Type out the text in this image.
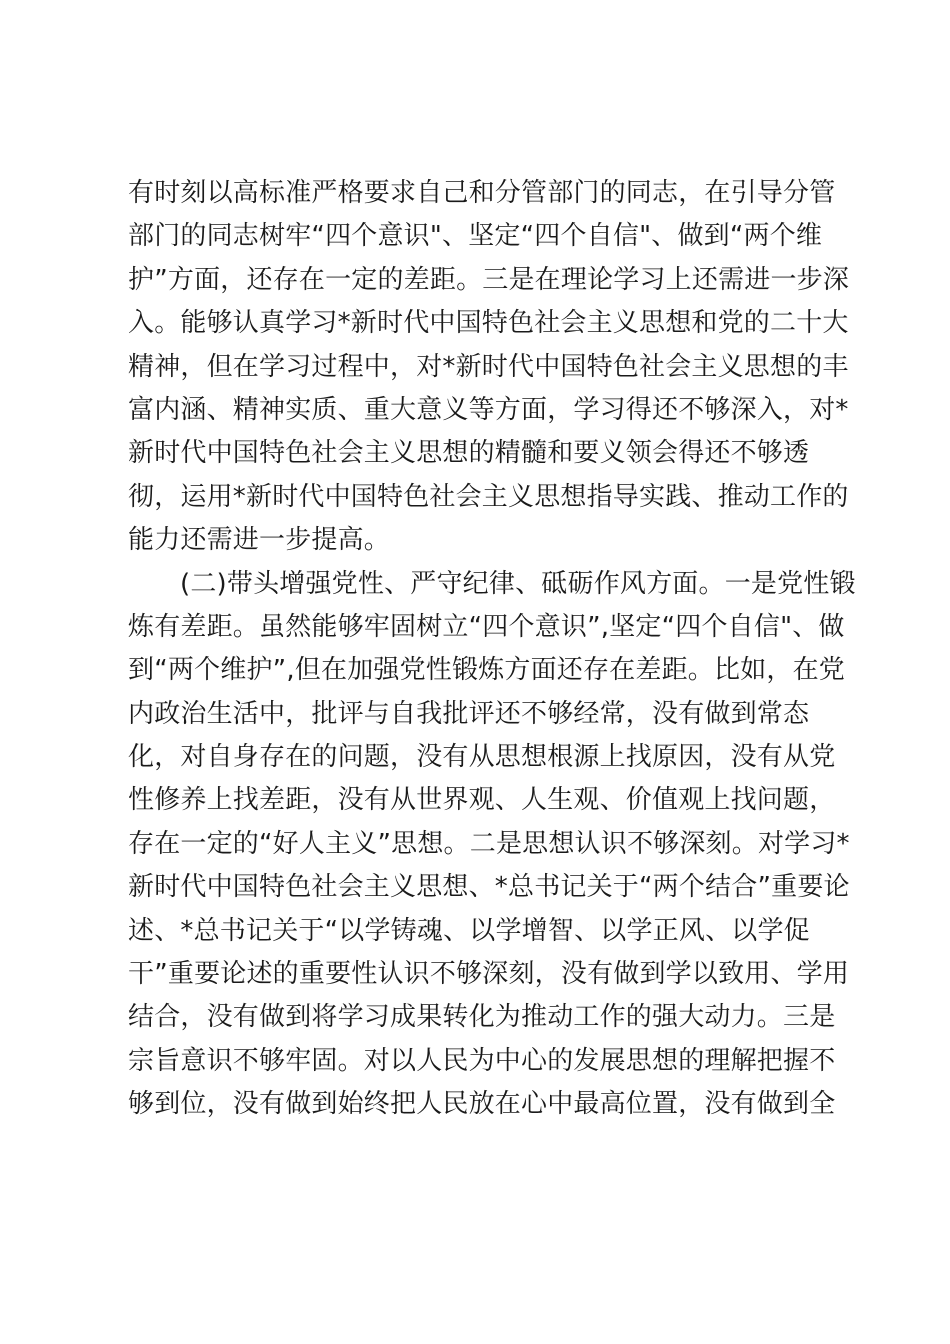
有时刻以高标准严格要求自己和分管部门的同志，在引导分管
部门的同志树牢“四个意识"、坚定“四个自信"、做到“两个维
护”方面，还存在一定的差距。三是在理论学习上还需进一步深
入。能够认真学习*新时代中国特色社会主义思想和党的二十大
精神，但在学习过程中，对*新时代中国特色社会主义思想的丰
富内涵、精神实质、重大意义等方面，学习得还不够深入，对*
新时代中国特色社会主义思想的精髓和要义领会得还不够透
彻，运用*新时代中国特色社会主义思想指导实践、推动工作的
能力还需进一步提高。
(二)带头增强党性、严守纪律、砥砺作风方面。一是党性锻
炼有差距。虽然能够牢固树立“四个意识”,坚定“四个自信"、做
到“两个维护”,但在加强党性锻炼方面还存在差距。比如，在党
内政治生活中，批评与自我批评还不够经常，没有做到常态
化，对自身存在的问题，没有从思想根源上找原因，没有从党
性修养上找差距，没有从世界观、人生观、价值观上找问题，
存在一定的“好人主义”思想。二是思想认识不够深刻。对学习*
新时代中国特色社会主义思想、*总书记关于“两个结合”重要论
述、*总书记关于“以学铸魂、以学增智、以学正风、以学促
干”重要论述的重要性认识不够深刻，没有做到学以致用、学用
结合，没有做到将学习成果转化为推动工作的强大动力。三是
宗旨意识不够牢固。对以人民为中心的发展思想的理解把握不
够到位，没有做到始终把人民放在心中最高位置，没有做到全
